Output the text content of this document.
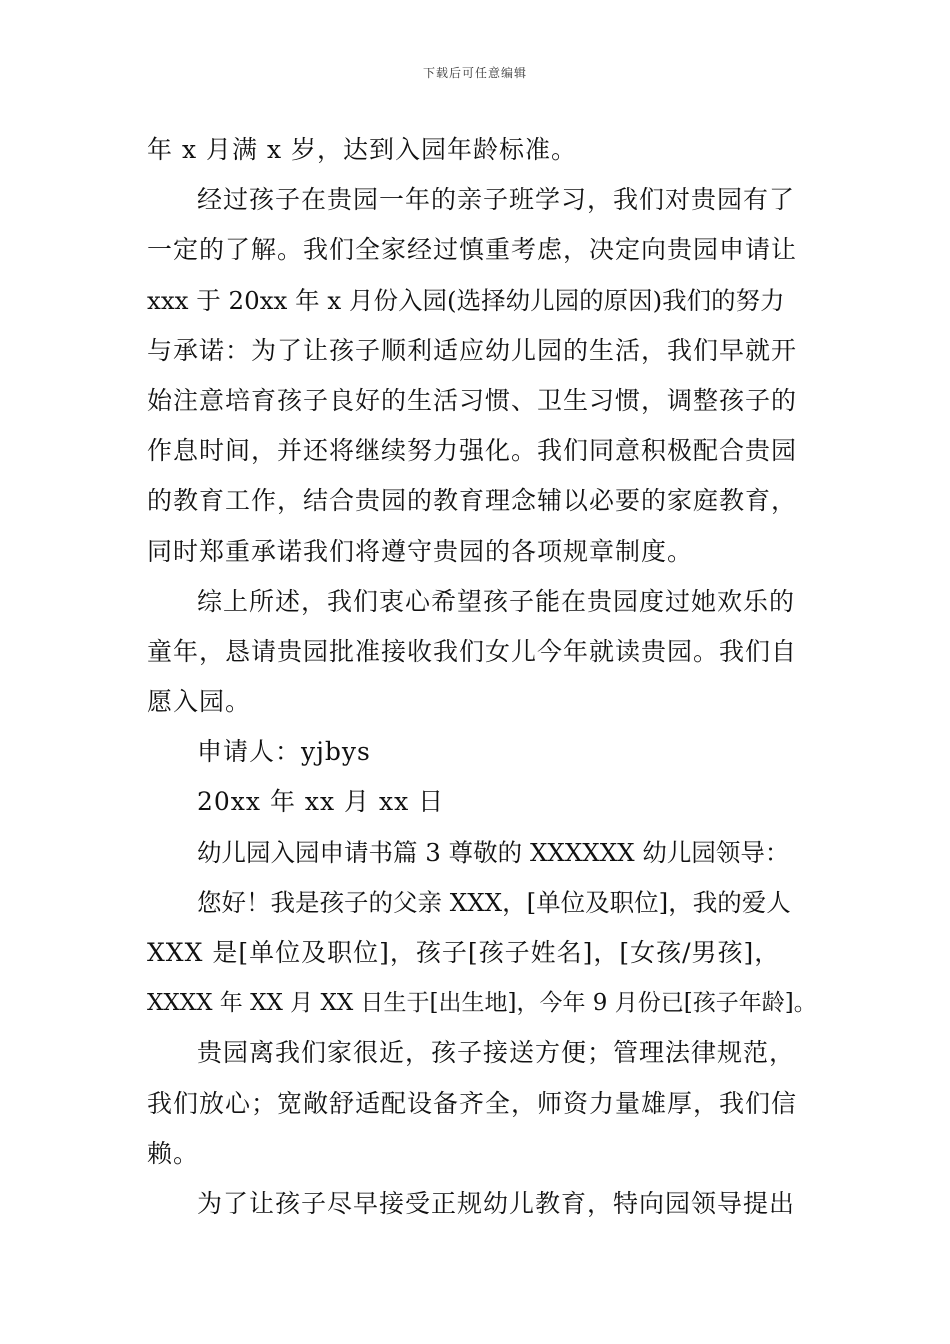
下载后可任意编辑
年 x 月满 x 岁，达到入园年龄标准。
经过孩子在贵园一年的亲子班学习，我们对贵园有了
一定的了解。我们全家经过慎重考虑，决定向贵园申请让
xxx 于 20xx 年 x 月份入园(选择幼儿园的原因)我们的努力
与承诺：为了让孩子顺利适应幼儿园的生活，我们早就开
始注意培育孩子良好的生活习惯、卫生习惯，调整孩子的
作息时间，并还将继续努力强化。我们同意积极配合贵园
的教育工作，结合贵园的教育理念辅以必要的家庭教育，
同时郑重承诺我们将遵守贵园的各项规章制度。
综上所述，我们衷心希望孩子能在贵园度过她欢乐的
童年，恳请贵园批准接收我们女儿今年就读贵园。我们自
愿入园。
申请人：yjbys
20xx 年 xx 月 xx 日
幼儿园入园申请书篇 3 尊敬的 XXXXXX 幼儿园领导：
您好！我是孩子的父亲 XXX，[单位及职位]，我的爱人
XXX 是[单位及职位]，孩子[孩子姓名]，[女孩/男孩]，
XXXX 年 XX 月 XX 日生于[出生地]，今年 9 月份已[孩子年龄]。
贵园离我们家很近，孩子接送方便；管理法律规范，
我们放心；宽敞舒适配设备齐全，师资力量雄厚，我们信
赖。
为了让孩子尽早接受正规幼儿教育，特向园领导提出
